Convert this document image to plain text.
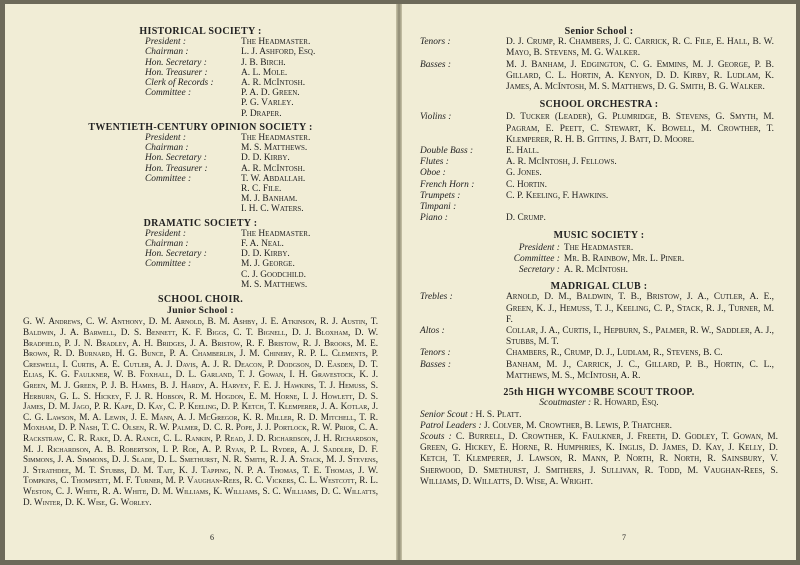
HISTORICAL SOCIETY :
President :	The Headmaster.
Chairman :	L. J. Ashford, Esq.
Hon. Secretary :	J. B. Birch.
Hon. Treasurer :	A. L. Mole.
Clerk of Records :	A. R. McIntosh.
Committee :	P. A. D. Green.
	P. G. Varley.
	P. Draper.
TWENTIETH-CENTURY OPINION SOCIETY :
President :	The Headmaster.
Chairman :	M. S. Matthews.
Hon. Secretary :	D. D. Kirby.
Hon. Treasurer :	A. R. McIntosh.
Committee :	T. W. Abdallah.
	R. C. File.
	M. J. Banham.
	I. H. C. Waters.
DRAMATIC SOCIETY :
President :	The Headmaster.
Chairman :	F. A. Neal.
Hon. Secretary :	D. D. Kirby.
Committee :	M. J. George.
	C. J. Goodchild.
	M. S. Matthews.
SCHOOL CHOIR.
Junior School :
G. W. Andrews, C. W. Anthony, D. M. Arnold, B. M. Ashby, J. E. Atkinson, R. J. Austin, T. Baldwin, J. A. Barwell, D. S. Bennett, K. F. Biggs, C. T. Bignell, D. J. Bloxham, D. W. Bradfield, P. J. N. Bradley, A. H. Bridges, J. A. Bristow, R. F. Bristow, R. J. Brooks, M. E. Brown, R. D. Burnard, H. G. Bunce, P. A. Chamberlin, J. M. Chinery, R. P. L. Clements, P. Creswell, I. Curtis, A. E. Cutler, A. J. Davis, A. J. R. Deacon, P. Dodgson, D. Easden, D. T. Elias, K. G. Faulkner, W. B. Foxhall, D. L. Garland, T. J. Gowan, I. H. Gravestock, K. J. Green, M. J. Green, P. J. B. Hames, B. J. Hardy, A. Harvey, F. E. J. Hawkins, T. J. Hemuss, S. Herburn, G. L. S. Hickey, F. J. R. Hobson, R. M. Hogdon, E. M. Horne, I. J. Howlett, D. S. James, D. M. Jago, P. R. Kape, D. Kay, C. P. Keeling, D. P. Ketch, T. Klemperer, J. A. Kotlar, J. C. G. Lawson, M. A. Lewin, J. E. Mann, A. J. McGregor, K. R. Miller, R. D. Mitchell, T. R. Moxham, D. P. Nash, T. C. Olsen, R. W. Palmer, D. C. R. Pope, J. J. Portlock, R. W. Prior, C. A. Rackstraw, C. R. Rake, D. A. Rance, C. L. Rankin, P. Read, J. D. Richardson, J. H. Richardson, M. J. Richardson, A. B. Robertson, I. P. Roe, A. P. Ryan, P. L. Ryder, A. J. Saddler, D. F. Simmons, J. A. Simmons, D. J. Slade, D. L. Smethurst, N. R. Smith, R. J. A. Stack, M. J. Stevens, J. Strathdee, M. T. Stubbs, D. M. Tait, K. J. Tapping, N. P. A. Thomas, T. E. Thomas, J. W. Tompkins, C. Thompsett, M. F. Turner, M. P. Vaughan-Rees, R. C. Vickers, C. L. Westcott, R. L. Weston, C. J. White, R. A. White, D. M. Williams, K. Williams, S. C. Williams, D. C. Willatts, D. Winter, D. K. Wise, G. Worley.
6
Senior School :
Tenors :	D. J. Crump, R. Chambers, J. C. Carrick, R. C. File, E. Hall, B. W. Mayo, B. Stevens, M. G. Walker.
Basses :	M. J. Banham, J. Edgington, C. G. Emmins, M. J. George, P. B. Gillard, C. L. Hortin, A. Kenyon, D. D. Kirby, R. Ludlam, K. James, A. McIntosh, M. S. Matthews, D. G. Smith, B. G. Walker.
SCHOOL ORCHESTRA :
Violins :	D. Tucker (Leader), G. Plumridge, B. Stevens, G. Smyth, M. Pagram, E. Peett, C. Stewart, K. Bowell, M. Crowther, T. Klemperer, R. H. B. Gittins, J. Batt, D. Moore.
Double Bass :	E. Hall.
Flutes :	A. R. McIntosh, J. Fellows.
Oboe :	G. Jones.
French Horn :	C. Hortin.
Trumpets :	C. P. Keeling, F. Hawkins.
Timpani :	
Piano :	D. Crump.
MUSIC SOCIETY :
President :	The Headmaster.
Committee :	Mr. B. Rainbow, Mr. L. Piner.
Secretary :	A. R. McIntosh.
MADRIGAL CLUB :
Trebles :	Arnold, D. M., Baldwin, T. B., Bristow, J. A., Cutler, A. E., Green, K. J., Hemuss, T. J., Keeling, C. P., Stack, R. J., Turner, M. F.
Altos :	Collar, J. A., Curtis, I., Hepburn, S., Palmer, R. W., Saddler, A. J., Stubbs, M. T.
Tenors :	Chambers, R., Crump, D. J., Ludlam, R., Stevens, B. C.
Basses :	Banham, M. J., Carrick, J. C., Gillard, P. B., Hortin, C. L., Matthews, M. S., McIntosh, A. R.
25th HIGH WYCOMBE SCOUT TROOP.
Scoutmaster : R. Howard, Esq.
Senior Scout : H. S. Platt.
Patrol Leaders : J. Colver, M. Crowther, B. Lewis, P. Thatcher.
Scouts : C. Burrell, D. Crowther, K. Faulkner, J. Freeth, D. Godley, T. Gowan, M. Green, G. Hickey, E. Horne, R. Humphries, K. Inglis, D. James, D. Kay, J. Kelly, D. Ketch, T. Klemperer, J. Lawson, R. Mann, P. North, R. North, R. Sainsbury, V. Sherwood, D. Smethurst, J. Smithers, J. Sullivan, R. Todd, M. Vaughan-Rees, S. Williams, D. Willatts, D. Wise, A. Wright.
7
